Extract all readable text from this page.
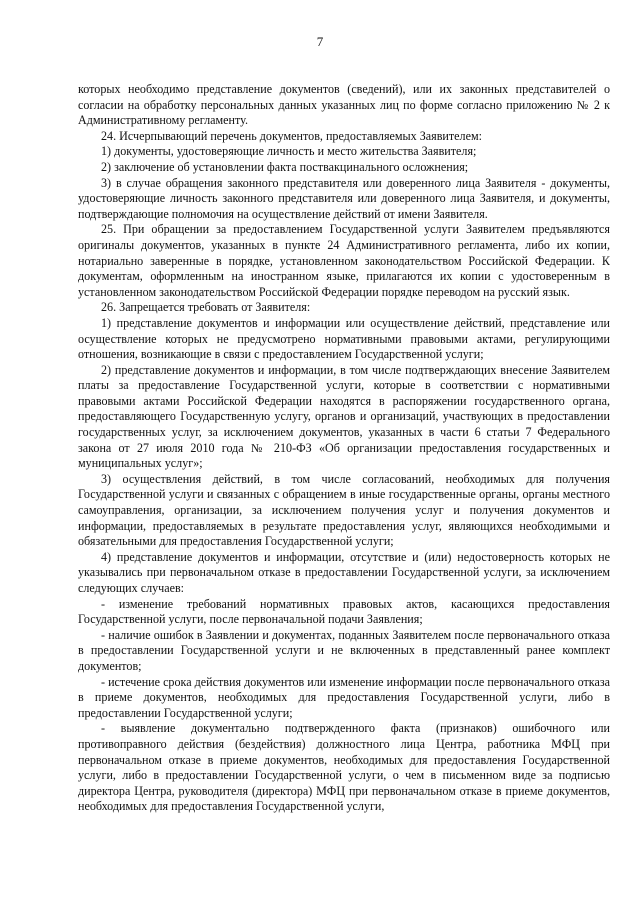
7

которых необходимо представление документов (сведений), или их законных представителей о согласии на обработку персональных данных указанных лиц по форме согласно приложению № 2 к Административному регламенту.

24. Исчерпывающий перечень документов, предоставляемых Заявителем:

1) документы, удостоверяющие личность и место жительства Заявителя;

2) заключение об установлении факта поствакцинального осложнения;

3) в случае обращения законного представителя или доверенного лица Заявителя - документы, удостоверяющие личность законного представителя или доверенного лица Заявителя, и документы, подтверждающие полномочия на осуществление действий от имени Заявителя.

25. При обращении за предоставлением Государственной услуги Заявителем предъявляются оригиналы документов, указанных в пункте 24 Административного регламента, либо их копии, нотариально заверенные в порядке, установленном законодательством Российской Федерации. К документам, оформленным на иностранном языке, прилагаются их копии с удостоверенным в установленном законодательством Российской Федерации порядке переводом на русский язык.

26. Запрещается требовать от Заявителя:

1) представление документов и информации или осуществление действий, представление или осуществление которых не предусмотрено нормативными правовыми актами, регулирующими отношения, возникающие в связи с предоставлением Государственной услуги;

2) представление документов и информации, в том числе подтверждающих внесение Заявителем платы за предоставление Государственной услуги, которые в соответствии с нормативными правовыми актами Российской Федерации находятся в распоряжении государственного органа, предоставляющего Государственную услугу, органов и организаций, участвующих в предоставлении государственных услуг, за исключением документов, указанных в части 6 статьи 7 Федерального закона от 27 июля 2010 года № 210-ФЗ «Об организации предоставления государственных и муниципальных услуг»;

3) осуществления действий, в том числе согласований, необходимых для получения Государственной услуги и связанных с обращением в иные государственные органы, органы местного самоуправления, организации, за исключением получения услуг и получения документов и информации, предоставляемых в результате предоставления услуг, являющихся необходимыми и обязательными для предоставления Государственной услуги;

4) представление документов и информации, отсутствие и (или) недостоверность которых не указывались при первоначальном отказе в предоставлении Государственной услуги, за исключением следующих случаев:

- изменение требований нормативных правовых актов, касающихся предоставления Государственной услуги, после первоначальной подачи Заявления;

- наличие ошибок в Заявлении и документах, поданных Заявителем после первоначального отказа в предоставлении Государственной услуги и не включенных в представленный ранее комплект документов;

- истечение срока действия документов или изменение информации после первоначального отказа в приеме документов, необходимых для предоставления Государственной услуги, либо в предоставлении Государственной услуги;

- выявление документально подтвержденного факта (признаков) ошибочного или противоправного действия (бездействия) должностного лица Центра, работника МФЦ при первоначальном отказе в приеме документов, необходимых для предоставления Государственной услуги, либо в предоставлении Государственной услуги, о чем в письменном виде за подписью директора Центра, руководителя (директора) МФЦ при первоначальном отказе в приеме документов, необходимых для предоставления Государственной услуги,
